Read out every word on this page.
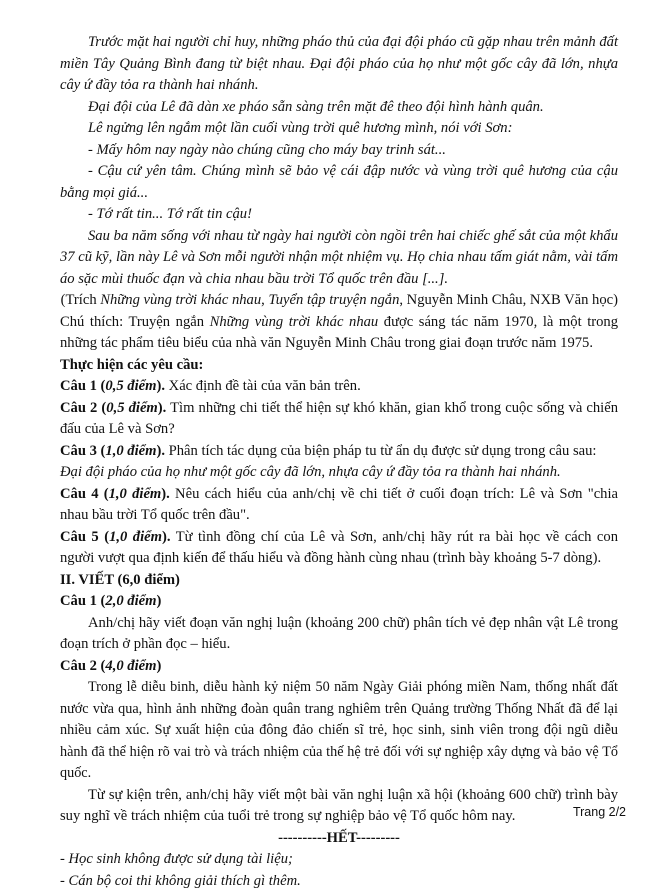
Trước mặt hai người chỉ huy, những pháo thủ của đại đội pháo cũ gặp nhau trên mảnh đất miền Tây Quảng Bình đang từ biệt nhau. Đại đội pháo của họ như một gốc cây đã lớn, nhựa cây ứ đầy tỏa ra thành hai nhánh.

Đại đội của Lê đã dàn xe pháo sẵn sàng trên mặt đê theo đội hình hành quân.

Lê ngửng lên ngắm một lần cuối vùng trời quê hương mình, nói với Sơn:

- Mấy hôm nay ngày nào chúng cũng cho máy bay trinh sát...

- Cậu cứ yên tâm. Chúng mình sẽ bảo vệ cái đập nước và vùng trời quê hương của cậu bằng mọi giá...

- Tớ rất tin... Tớ rất tin cậu!

Sau ba năm sống với nhau từ ngày hai người còn ngồi trên hai chiếc ghế sắt của một khẩu 37 cũ kỹ, lần này Lê và Sơn mỗi người nhận một nhiệm vụ. Họ chia nhau tấm giát nằm, vài tấm áo sặc mùi thuốc đạn và chia nhau bầu trời Tổ quốc trên đầu [...].

(Trích Những vùng trời khác nhau, Tuyển tập truyện ngắn, Nguyễn Minh Châu, NXB Văn học)

Chú thích: Truyện ngắn Những vùng trời khác nhau được sáng tác năm 1970, là một trong những tác phẩm tiêu biểu của nhà văn Nguyễn Minh Châu trong giai đoạn trước năm 1975.

Thực hiện các yêu cầu:

Câu 1 (0,5 điểm). Xác định đề tài của văn bản trên.

Câu 2 (0,5 điểm). Tìm những chi tiết thể hiện sự khó khăn, gian khổ trong cuộc sống và chiến đấu của Lê và Sơn?

Câu 3 (1,0 điểm). Phân tích tác dụng của biện pháp tu từ ẩn dụ được sử dụng trong câu sau:

Đại đội pháo của họ như một gốc cây đã lớn, nhựa cây ứ đầy tỏa ra thành hai nhánh.

Câu 4 (1,0 điểm). Nêu cách hiểu của anh/chị về chi tiết ở cuối đoạn trích: Lê và Sơn "chia nhau bầu trời Tổ quốc trên đầu".

Câu 5 (1,0 điểm). Từ tình đồng chí của Lê và Sơn, anh/chị hãy rút ra bài học về cách con người vượt qua định kiến để thấu hiểu và đồng hành cùng nhau (trình bày khoảng 5-7 dòng).

II. VIẾT (6,0 điểm)

Câu 1 (2,0 điểm)

Anh/chị hãy viết đoạn văn nghị luận (khoảng 200 chữ) phân tích vẻ đẹp nhân vật Lê trong đoạn trích ở phần đọc – hiểu.

Câu 2 (4,0 điểm)

Trong lễ diễu binh, diễu hành kỷ niệm 50 năm Ngày Giải phóng miền Nam, thống nhất đất nước vừa qua, hình ảnh những đoàn quân trang nghiêm trên Quảng trường Thống Nhất đã để lại nhiều cảm xúc. Sự xuất hiện của đông đảo chiến sĩ trẻ, học sinh, sinh viên trong đội ngũ diễu hành đã thể hiện rõ vai trò và trách nhiệm của thế hệ trẻ đối với sự nghiệp xây dựng và bảo vệ Tổ quốc.

Từ sự kiện trên, anh/chị hãy viết một bài văn nghị luận xã hội (khoảng 600 chữ) trình bày suy nghĩ về trách nhiệm của tuổi trẻ trong sự nghiệp bảo vệ Tổ quốc hôm nay.

----------HẾT---------

- Học sinh không được sử dụng tài liệu;

- Cán bộ coi thi không giải thích gì thêm.

Trang 2/2
